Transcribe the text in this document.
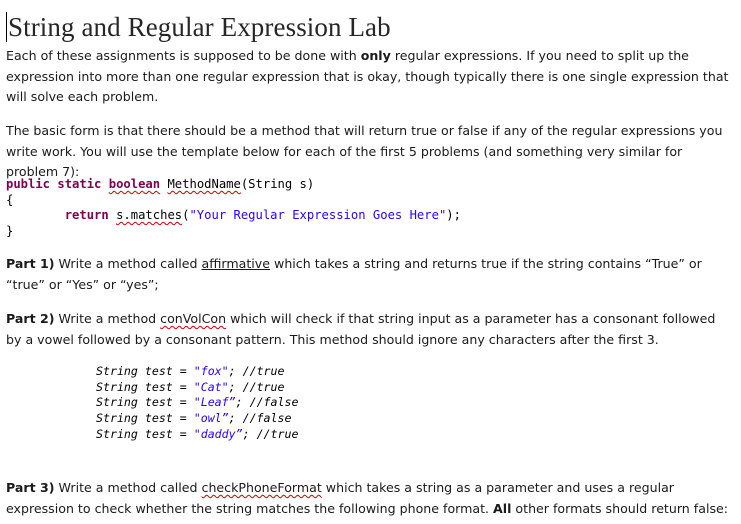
String and Regular Expression Lab
Each of these assignments is supposed to be done with only regular expressions. If you need to split up the expression into more than one regular expression that is okay, though typically there is one single expression that will solve each problem.
The basic form is that there should be a method that will return true or false if any of the regular expressions you write work. You will use the template below for each of the first 5 problems (and something very similar for problem 7):
public static boolean MethodName(String s)
{
return s.matches("Your Regular Expression Goes Here");
}
Part 1) Write a method called affirmative which takes a string and returns true if the string contains “True” or “true” or “Yes” or “yes”;
Part 2) Write a method conVolCon which will check if that string input as a parameter has a consonant followed by a vowel followed by a consonant pattern. This method should ignore any characters after the first 3.
Part 3) Write a method called checkPhoneFormat which takes a string as a parameter and uses a regular expression to check whether the string matches the following phone format. All other formats should return false:
String test = "fox"; //true
String test = "Cat"; //true
String test = "Leaf”; //false
String test = "owl”; //false
String test = "daddy”; //true
